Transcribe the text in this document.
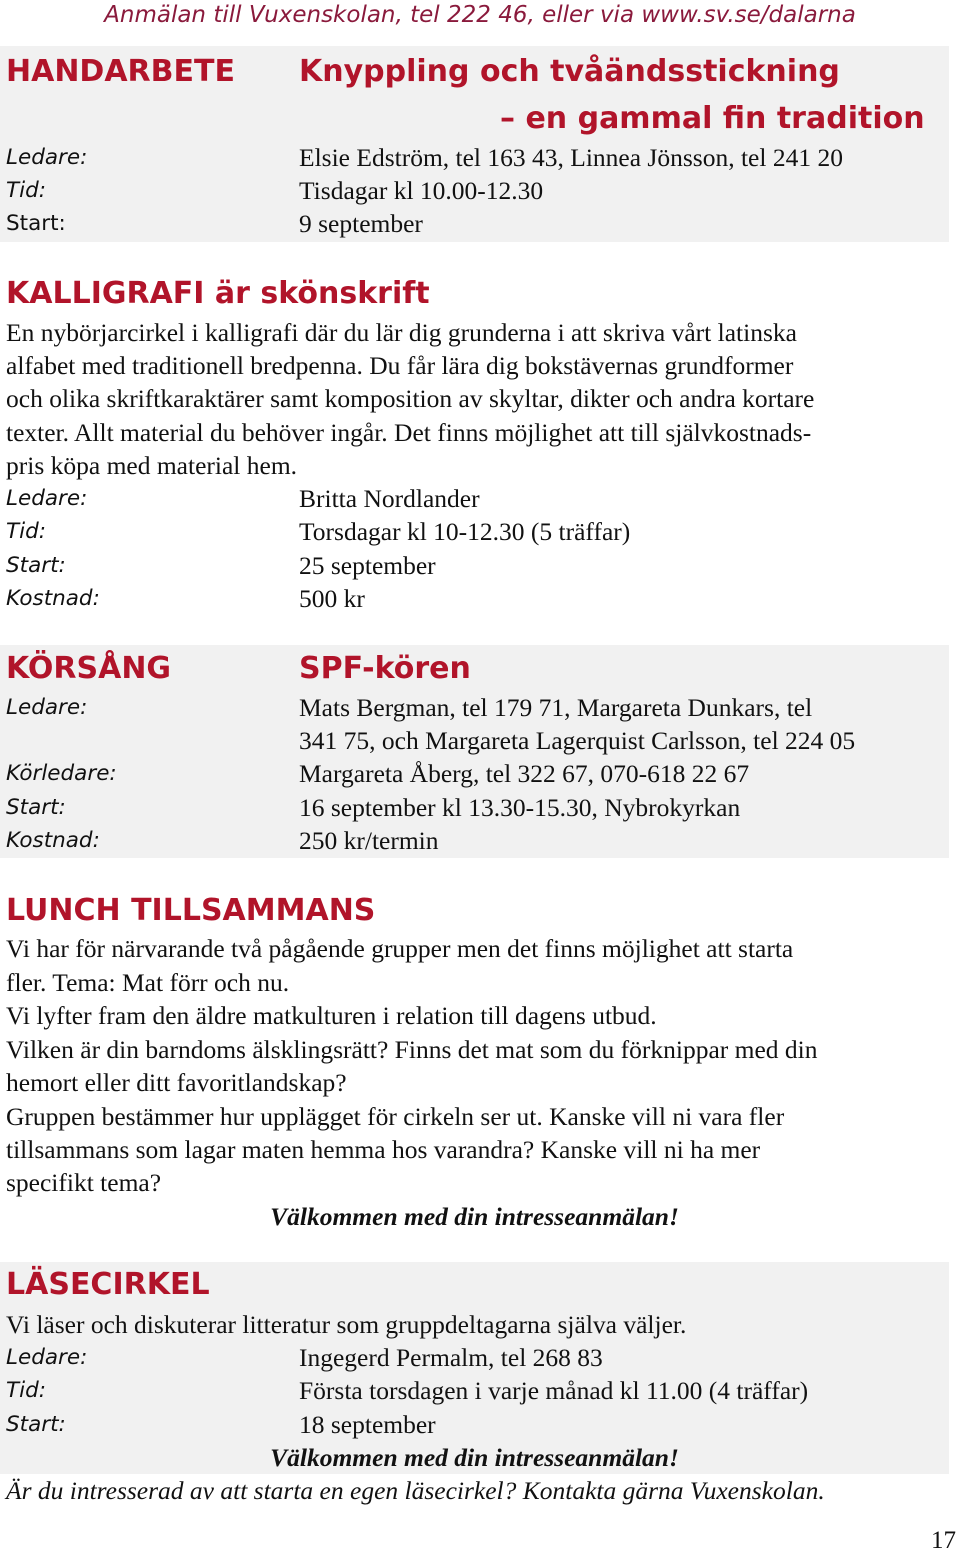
Anmälan till Vuxenskolan, tel 222 46, eller via www.sv.se/dalarna
HANDARBETE Knyppling och tvåändsstickning
– en gammal fin tradition
Ledare:	Elsie Edström, tel 163 43, Linnea Jönsson, tel 241 20
Tid:	Tisdagar kl 10.00-12.30
Start:	9 september
KALLIGRAFI är skönskrift
En nybörjarcirkel i kalligrafi där du lär dig grunderna i att skriva vårt latinska
alfabet med traditionell bredpenna. Du får lära dig bokstävernas grundformer
och olika skriftkaraktärer samt komposition av skyltar, dikter och andra kortare
texter. Allt material du behöver ingår. Det finns möjlighet att till självkostnads-
pris köpa med material hem.
Ledare:	Britta Nordlander
Tid:	Torsdagar kl 10-12.30 (5 träffar)
Start:	25 september
Kostnad:	500 kr
KÖRSÅNG	SPF-kören
Ledare:	Mats Bergman, tel 179 71, Margareta Dunkars, tel
341 75, och Margareta Lagerquist Carlsson, tel 224 05
Körledare:	Margareta Åberg, tel 322 67, 070-618 22 67
Start:	16 september kl 13.30-15.30, Nybrokyrkan
Kostnad:	250 kr/termin
LUNCH TILLSAMMANS
Vi har för närvarande två pågående grupper men det finns möjlighet att starta
fler. Tema: Mat förr och nu.
Vi lyfter fram den äldre matkulturen i relation till dagens utbud.
Vilken är din barndoms älsklingsrätt? Finns det mat som du förknippar med din
hemort eller ditt favoritlandskap?
Gruppen bestämmer hur upplägget för cirkeln ser ut. Kanske vill ni vara fler
tillsammans som lagar maten hemma hos varandra? Kanske vill ni ha mer
specifikt tema?
Välkommen med din intresseanmälan!
LÄSECIRKEL
Vi läser och diskuterar litteratur som gruppdeltagarna själva väljer.
Ledare:	Ingegerd Permalm, tel 268 83
Tid:	Första torsdagen i varje månad kl 11.00 (4 träffar)
Start:	18 september
Välkommen med din intresseanmälan!
Är du intresserad av att starta en egen läsecirkel? Kontakta gärna Vuxenskolan.
17
